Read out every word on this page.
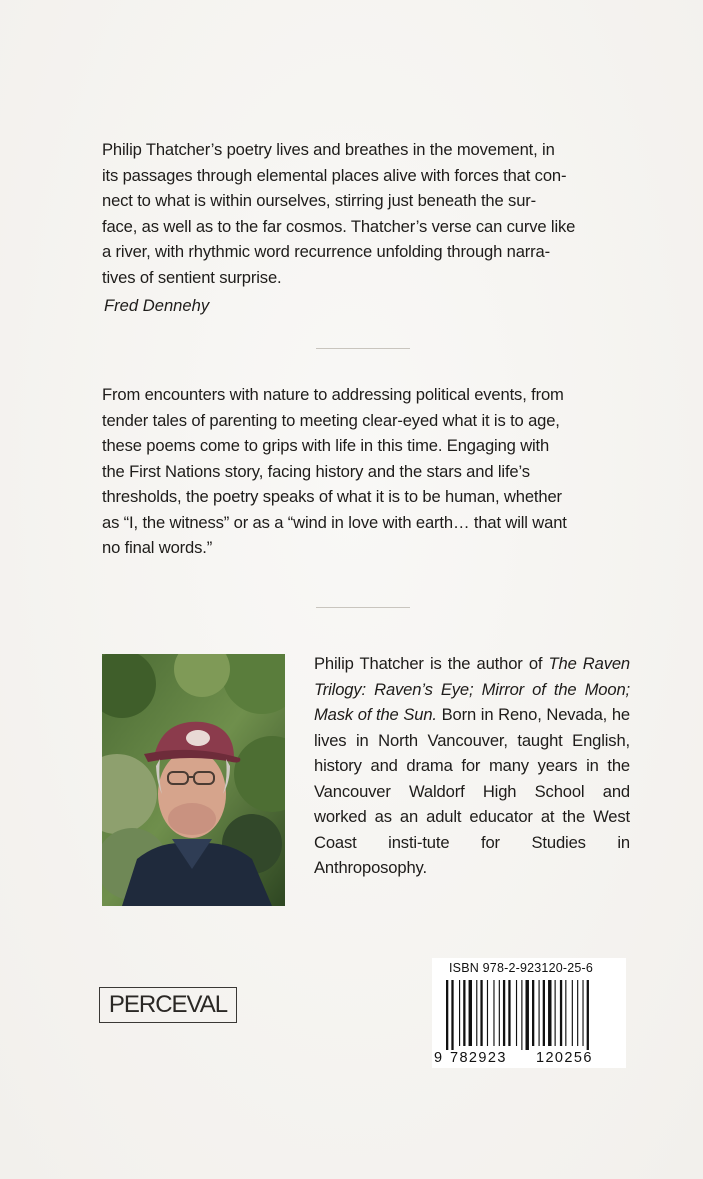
Philip Thatcher’s poetry lives and breathes in the movement, in
its passages through elemental places alive with forces that con-
nect to what is within ourselves, stirring just beneath the sur-
face, as well as to the far cosmos. Thatcher’s verse can curve like
a river, with rhythmic word recurrence unfolding through narra-
tives of sentient surprise.

Fred Dennehy

From encounters with nature to addressing political events, from
tender tales of parenting to meeting clear-eyed what it is to age,
these poems come to grips with life in this time. Engaging with
the First Nations story, facing history and the stars and life’s
thresholds, the poetry speaks of what it is to be human, whether
as “I, the witness” or as a “wind in love with earth… that will want
no final words.”

Philip Thatcher is the author of The Raven Trilogy: Raven’s Eye; Mirror of the Moon; Mask of the Sun. Born in Reno, Nevada, he lives in North Vancouver, taught English, history and drama for many years in the Vancouver Waldorf High School and worked as an adult educator at the West Coast insti-tute for Studies in Anthroposophy.

PERCEVAL
ISBN 978-2-923120-25-6
9 782923 120256
